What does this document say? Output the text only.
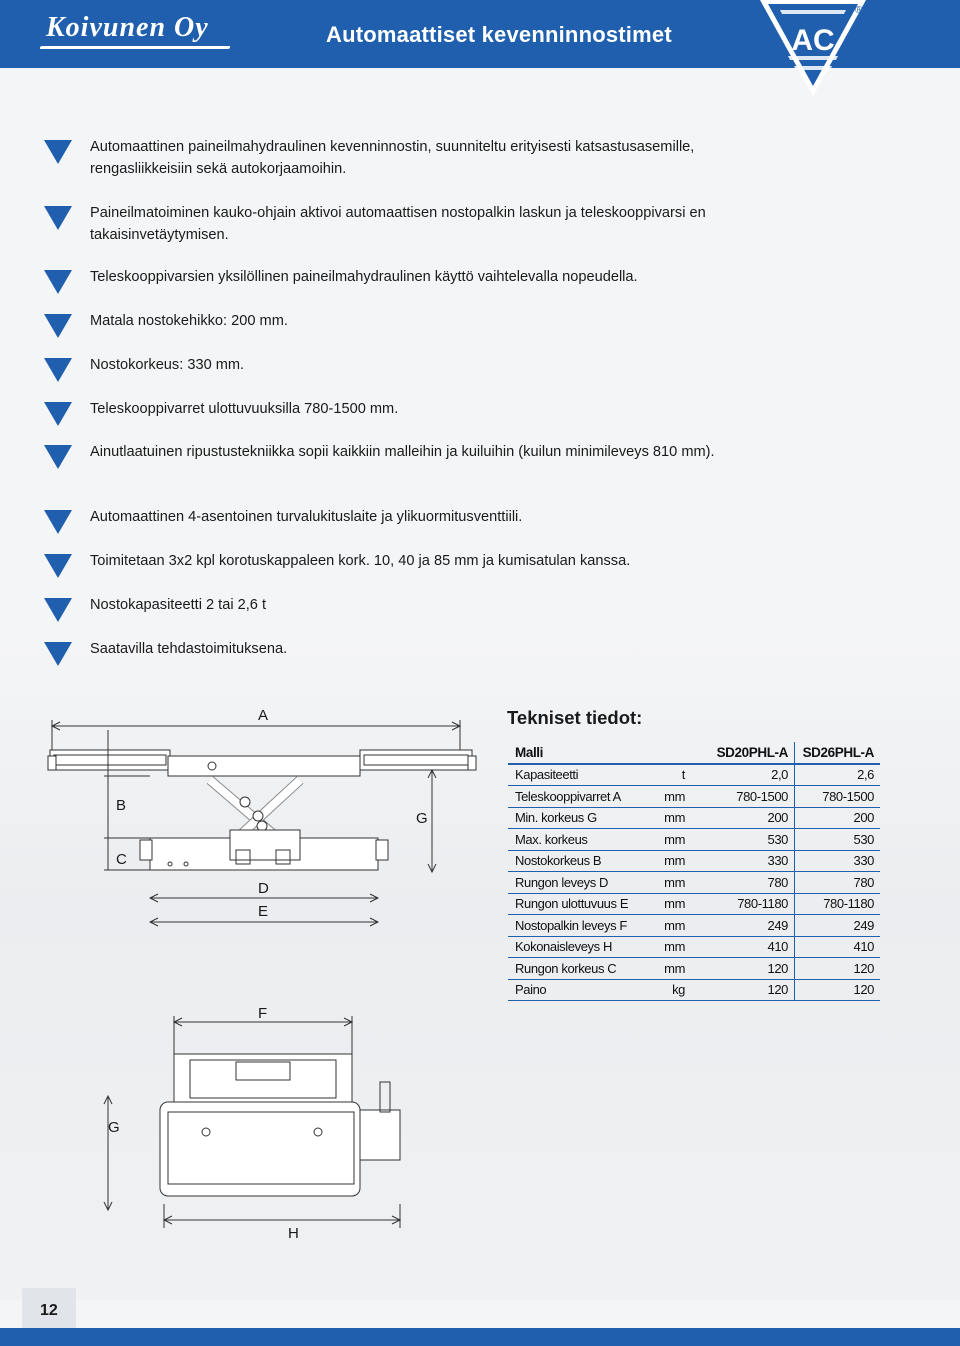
Koivunen Oy	Automaattiset kevenninnostimet	AC
®
Automaattinen paineilmahydraulinen kevenninnostin, suunniteltu erityisesti katsastusasemille, rengasliikkeisiin sekä autokorjaamoihin.
Paineilmatoiminen kauko-ohjain aktivoi automaattisen nostopalkin laskun ja teleskooppivarsi en takaisinvetäytymisen.
Teleskooppivarsien yksilöllinen paineilmahydraulinen käyttö vaihtelevalla nopeudella.
Matala nostokehikko: 200 mm.
Nostokorkeus: 330 mm.
Teleskooppivarret ulottuvuuksilla 780-1500 mm.
Ainutlaatuinen ripustustekniikka sopii kaikkiin malleihin ja kuiluihin (kuilun minimileveys 810 mm).
Automaattinen 4-asentoinen turvalukituslaite ja ylikuormitusventtiili.
Toimitetaan 3x2 kpl korotuskappaleen kork. 10, 40 ja 85 mm ja kumisatulan kanssa.
Nostokapasiteetti 2 tai 2,6 t
Saatavilla tehdastoimituksena.
A
B
C
G
D
E
F
G
H
Tekniset tiedot:
Malli		SD20PHL-A	SD26PHL-A
Kapasiteetti	t	2,0	2,6
Teleskooppivarret A	mm	780-1500	780-1500
Min. korkeus G	mm	200	200
Max. korkeus	mm	530	530
Nostokorkeus B	mm	330	330
Rungon leveys D	mm	780	780
Rungon ulottuvuus E	mm	780-1180	780-1180
Nostopalkin leveys F	mm	249	249
Kokonaisleveys H	mm	410	410
Rungon korkeus C	mm	120	120
Paino	kg	120	120
12
